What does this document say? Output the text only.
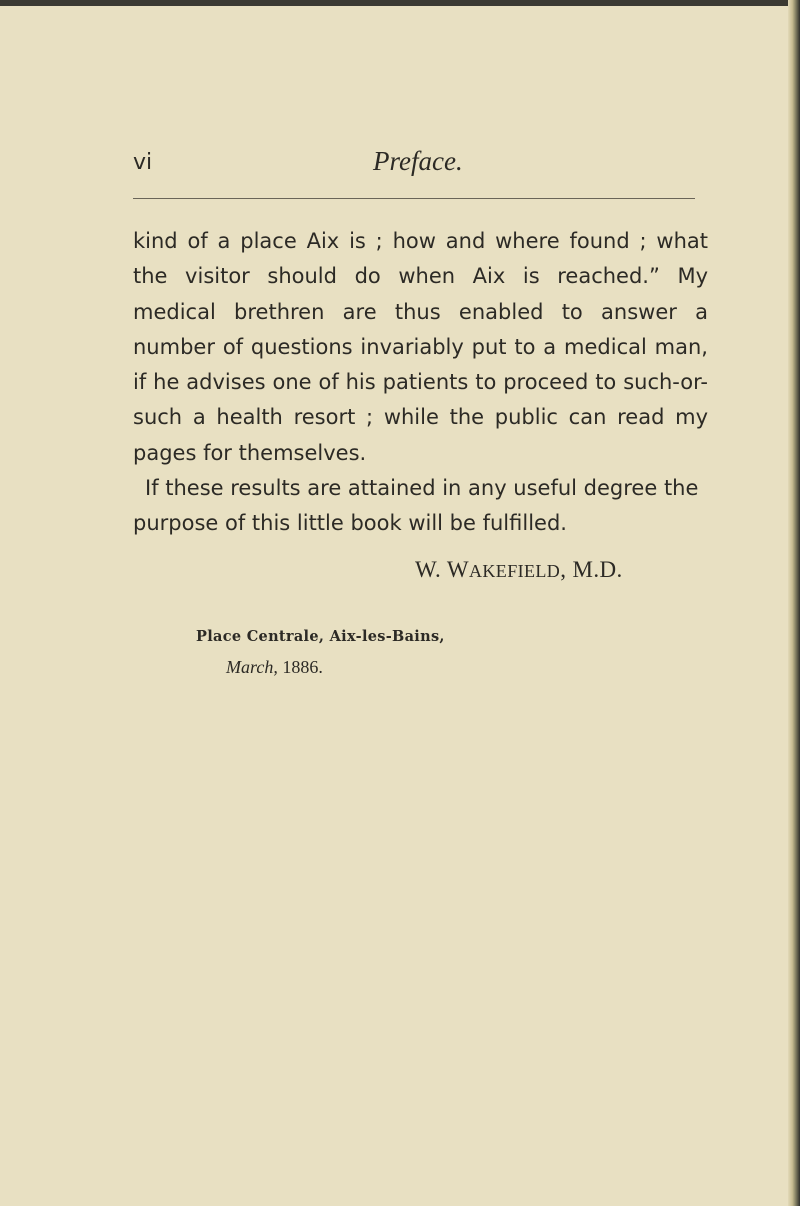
vi	Preface.

kind of a place Aix is ; how and where found ; what the visitor should do when Aix is reached.” My medical brethren are thus enabled to answer a number of questions invariably put to a medical man, if he advises one of his patients to proceed to such-or-such a health resort ; while the public can read my pages for themselves.

If these results are attained in any useful degree the purpose of this little book will be fulfilled.

W. WAKEFIELD, M.D.
Place Centrale, Aix-les-Bains,
March, 1886.
